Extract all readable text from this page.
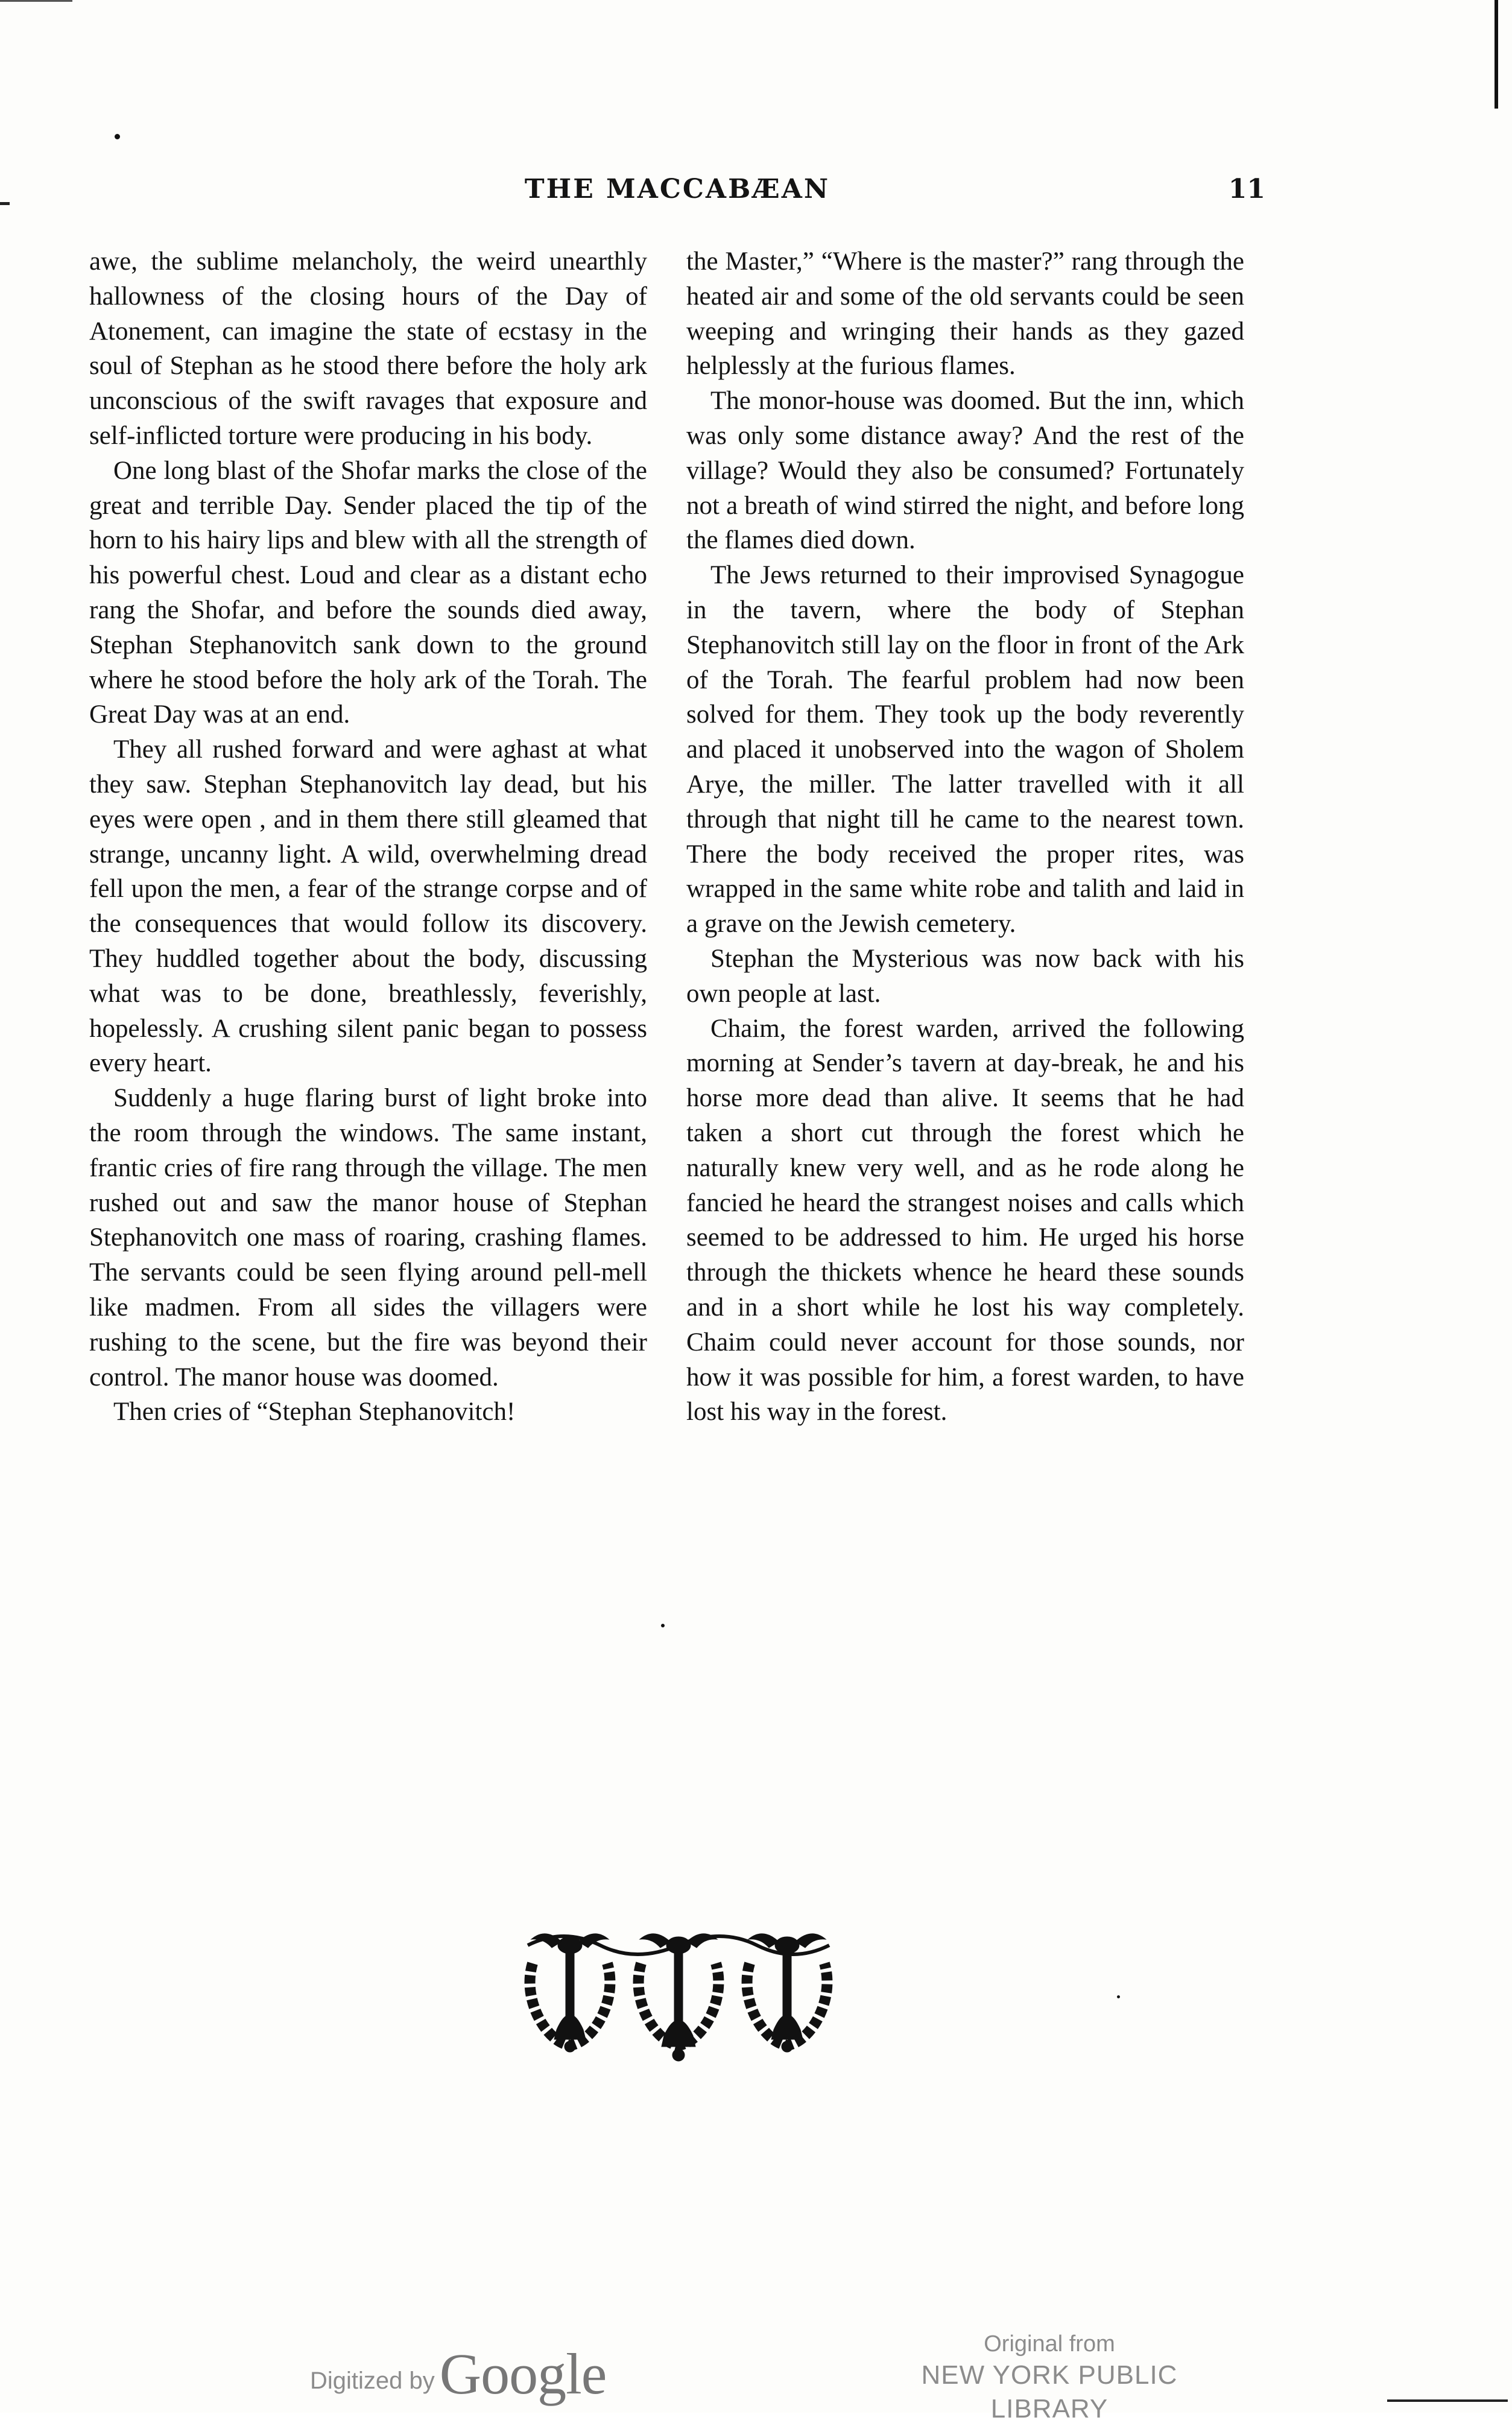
THE MACCABÆAN	11

awe, the sublime melancholy, the weird unearthly hallowness of the closing hours of the Day of Atonement, can imagine the state of ecstasy in the soul of Stephan as he stood there before the holy ark unconscious of the swift ravages that exposure and self-inflicted torture were producing in his body.

One long blast of the Shofar marks the close of the great and terrible Day. Sender placed the tip of the horn to his hairy lips and blew with all the strength of his powerful chest. Loud and clear as a distant echo rang the Shofar, and before the sounds died away, Stephan Stephanovitch sank down to the ground where he stood before the holy ark of the Torah. The Great Day was at an end.

They all rushed forward and were aghast at what they saw. Stephan Stephanovitch lay dead, but his eyes were open , and in them there still gleamed that strange, uncanny light. A wild, overwhelming dread fell upon the men, a fear of the strange corpse and of the consequences that would follow its discovery. They huddled together about the body, discussing what was to be done, breathlessly, feverishly, hopelessly. A crushing silent panic began to possess every heart.

Suddenly a huge flaring burst of light broke into the room through the windows. The same instant, frantic cries of fire rang through the village. The men rushed out and saw the manor house of Stephan Stephanovitch one mass of roaring, crashing flames. The servants could be seen flying around pell-mell like madmen. From all sides the villagers were rushing to the scene, but the fire was beyond their control. The manor house was doomed.

Then cries of “Stephan Stephanovitch!

the Master,” “Where is the master?” rang through the heated air and some of the old servants could be seen weeping and wringing their hands as they gazed helplessly at the furious flames.

The monor-house was doomed. But the inn, which was only some distance away? And the rest of the village? Would they also be consumed? Fortunately not a breath of wind stirred the night, and before long the flames died down.

The Jews returned to their improvised Synagogue in the tavern, where the body of Stephan Stephanovitch still lay on the floor in front of the Ark of the Torah. The fearful problem had now been solved for them. They took up the body reverently and placed it unobserved into the wagon of Sholem Arye, the miller. The latter travelled with it all through that night till he came to the nearest town. There the body received the proper rites, was wrapped in the same white robe and talith and laid in a grave on the Jewish cemetery.

Stephan the Mysterious was now back with his own people at last.

Chaim, the forest warden, arrived the following morning at Sender’s tavern at day-break, he and his horse more dead than alive. It seems that he had taken a short cut through the forest which he naturally knew very well, and as he rode along he fancied he heard the strangest noises and calls which seemed to be addressed to him. He urged his horse through the thickets whence he heard these sounds and in a short while he lost his way completely. Chaim could never account for those sounds, nor how it was possible for him, a forest warden, to have lost his way in the forest.

Digitized byGoogle	Original from
NEW YORK PUBLIC LIBRARY
